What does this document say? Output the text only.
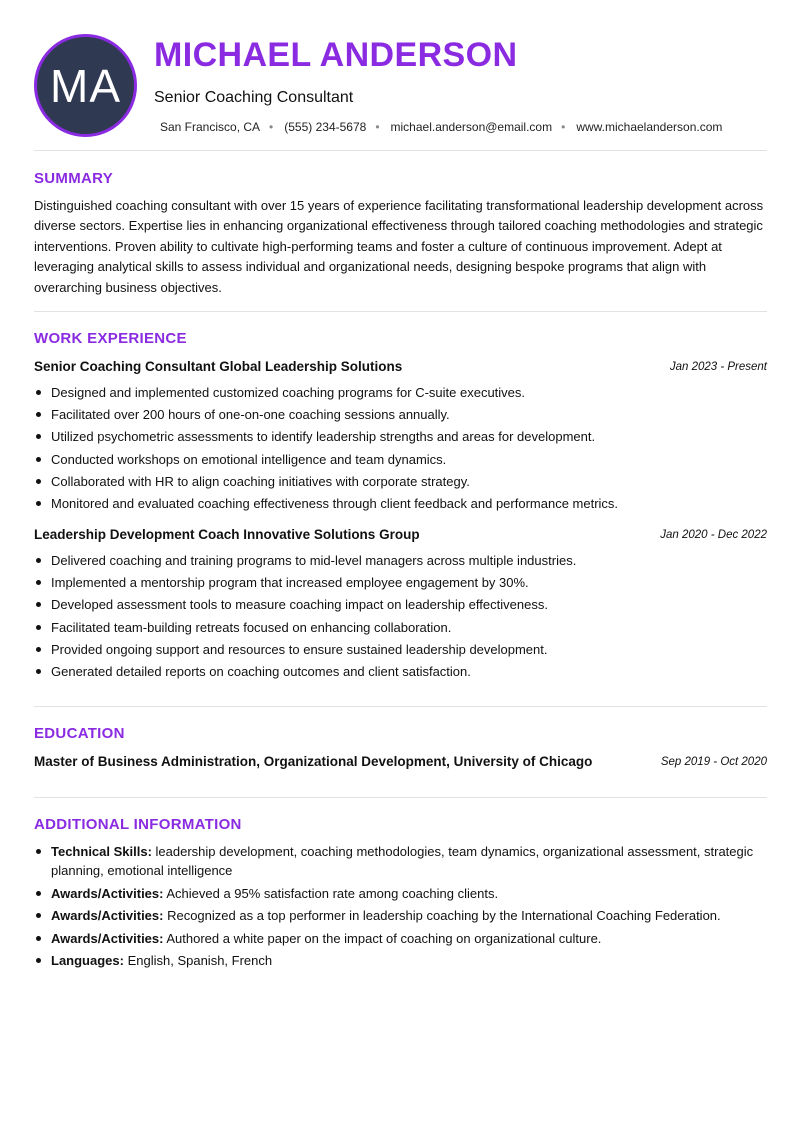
MA
MICHAEL ANDERSON
Senior Coaching Consultant
San Francisco, CA • (555) 234-5678 • michael.anderson@email.com • www.michaelanderson.com
SUMMARY

Distinguished coaching consultant with over 15 years of experience facilitating transformational leadership development across diverse sectors. Expertise lies in enhancing organizational effectiveness through tailored coaching methodologies and strategic interventions. Proven ability to cultivate high-performing teams and foster a culture of continuous improvement. Adept at leveraging analytical skills to assess individual and organizational needs, designing bespoke programs that align with overarching business objectives.

WORK EXPERIENCE
Senior Coaching Consultant Global Leadership Solutions	Jan 2023 - Present
Designed and implemented customized coaching programs for C-suite executives.
Facilitated over 200 hours of one-on-one coaching sessions annually.
Utilized psychometric assessments to identify leadership strengths and areas for development.
Conducted workshops on emotional intelligence and team dynamics.
Collaborated with HR to align coaching initiatives with corporate strategy.
Monitored and evaluated coaching effectiveness through client feedback and performance metrics.
Leadership Development Coach Innovative Solutions Group	Jan 2020 - Dec 2022
Delivered coaching and training programs to mid-level managers across multiple industries.
Implemented a mentorship program that increased employee engagement by 30%.
Developed assessment tools to measure coaching impact on leadership effectiveness.
Facilitated team-building retreats focused on enhancing collaboration.
Provided ongoing support and resources to ensure sustained leadership development.
Generated detailed reports on coaching outcomes and client satisfaction.
EDUCATION
Master of Business Administration, Organizational Development, University of Chicago	Sep 2019 - Oct 2020
ADDITIONAL INFORMATION
Technical Skills: leadership development, coaching methodologies, team dynamics, organizational assessment, strategic planning, emotional intelligence
Awards/Activities: Achieved a 95% satisfaction rate among coaching clients.
Awards/Activities: Recognized as a top performer in leadership coaching by the International Coaching Federation.
Awards/Activities: Authored a white paper on the impact of coaching on organizational culture.
Languages: English, Spanish, French
